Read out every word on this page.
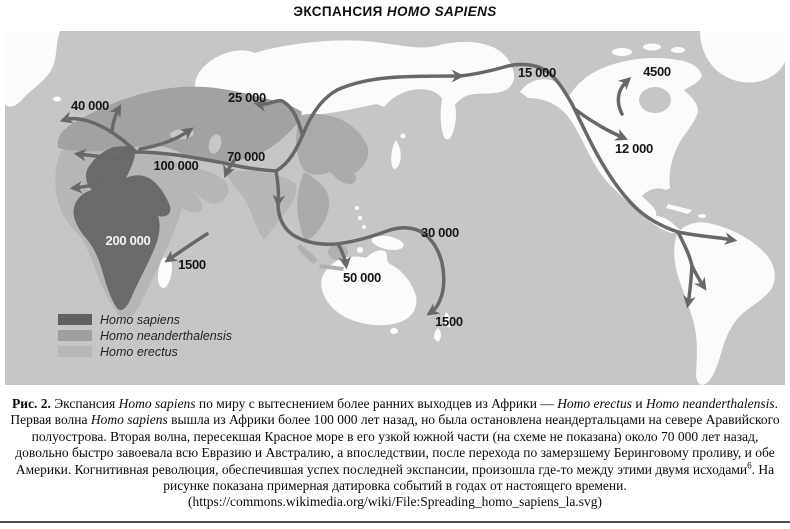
ЭКСПАНСИЯ HOMO SAPIENS
40 000
25 000
100 000
70 000
15 000	4500
12 000
30 000
50 000
1500
1500
200 000
Homo sapiens
Homo neanderthalensis
Homo erectus
Рис. 2. Экспансия Homo sapiens по миру с вытеснением более ранних выходцев из Африки — Homo erectus и Homo neanderthalensis. Первая волна Homo sapiens вышла из Африки более 100 000 лет назад, но была остановлена неандертальцами на севере Аравийского полуострова. Вторая волна, пересекшая Красное море в его узкой южной части (на схеме не показана) около 70 000 лет назад, довольно быстро завоевала всю Евразию и Австралию, а впоследствии, после перехода по замерзшему Беринговому проливу, и обе Америки. Когнитивная революция, обеспечившая успех последней экспансии, произошла где-то между этими двумя исходами$^6$. На рисунке показана примерная датировка событий в годах от настоящего времени. (https://commons.wikimedia.org/wiki/File:Spreading_homo_sapiens_la.svg)
